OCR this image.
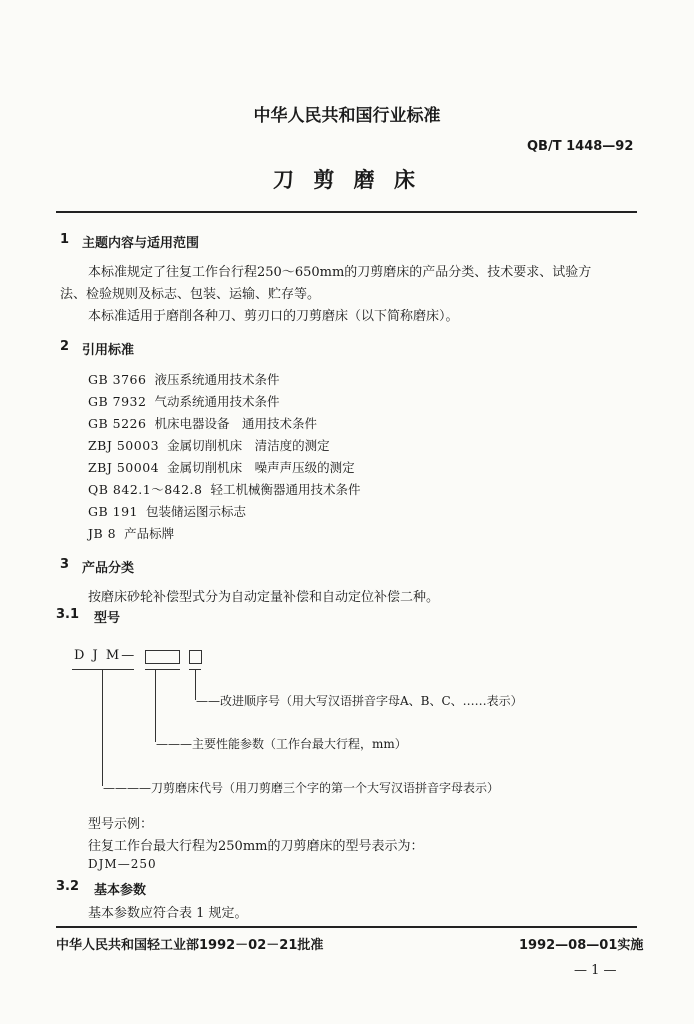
中华人民共和国行业标准
QB/T 1448—92
刀 剪 磨 床
1 主题内容与适用范围
本标准规定了往复工作台行程250～650mm的刀剪磨床的产品分类、技术要求、试验方
法、检验规则及标志、包装、运输、贮存等。
本标准适用于磨削各种刀、剪刃口的刀剪磨床（以下简称磨床）。
2 引用标准
GB 3766 液压系统通用技术条件
GB 7932 气动系统通用技术条件
GB 5226 机床电器设备　通用技术条件
ZBJ 50003 金属切削机床　清洁度的测定
ZBJ 50004 金属切削机床　噪声声压级的测定
QB 842.1～842.8 轻工机械衡器通用技术条件
GB 191 包装储运图示标志
JB 8 产品标牌
3 产品分类
按磨床砂轮补偿型式分为自动定量补偿和自动定位补偿二种。
3.1 型号
D J M—
——改进顺序号（用大写汉语拼音字母A、B、C、……表示）
———主要性能参数（工作台最大行程，mm）
————刀剪磨床代号（用刀剪磨三个字的第一个大写汉语拼音字母表示）
型号示例：
往复工作台最大行程为250mm的刀剪磨床的型号表示为：
DJM—250
3.2 基本参数
基本参数应符合表 1 规定。
中华人民共和国轻工业部1992－02－21批准	1992—08—01实施
— 1 —
